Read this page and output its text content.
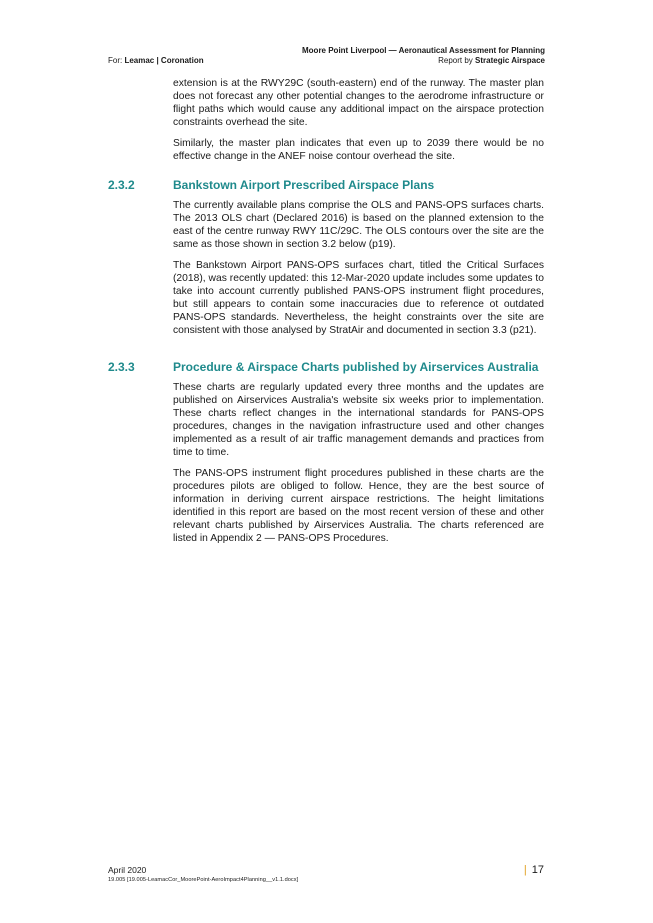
Moore Point Liverpool — Aeronautical Assessment for Planning
For: Leamac | Coronation	Report by Strategic Airspace

extension is at the RWY29C (south-eastern) end of the runway. The master plan does not forecast any other potential changes to the aerodrome infrastructure or flight paths which would cause any additional impact on the airspace protection constraints overhead the site.

Similarly, the master plan indicates that even up to 2039 there would be no effective change in the ANEF noise contour overhead the site.

2.3.2	Bankstown Airport Prescribed Airspace Plans

The currently available plans comprise the OLS and PANS-OPS surfaces charts. The 2013 OLS chart (Declared 2016) is based on the planned extension to the east of the centre runway RWY 11C/29C. The OLS contours over the site are the same as those shown in section 3.2 below (p19).

The Bankstown Airport PANS-OPS surfaces chart, titled the Critical Surfaces (2018), was recently updated: this 12-Mar-2020 update includes some updates to take into account currently published PANS-OPS instrument flight procedures, but still appears to contain some inaccuracies due to reference ot outdated PANS-OPS standards. Nevertheless, the height constraints over the site are consistent with those analysed by StratAir and documented in section 3.3 (p21).

2.3.3	Procedure & Airspace Charts published by Airservices Australia

These charts are regularly updated every three months and the updates are published on Airservices Australia's website six weeks prior to implementation. These charts reflect changes in the international standards for PANS-OPS procedures, changes in the navigation infrastructure used and other changes implemented as a result of air traffic management demands and practices from time to time.

The PANS-OPS instrument flight procedures published in these charts are the procedures pilots are obliged to follow. Hence, they are the best source of information in deriving current airspace restrictions. The height limitations identified in this report are based on the most recent version of these and other relevant charts published by Airservices Australia. The charts referenced are listed in Appendix 2 — PANS-OPS Procedures.

April 2020
19.005 [19.005-LeamacCor_MoorePoint-AeroImpact4Planning__v1.1.docx]
| 17
